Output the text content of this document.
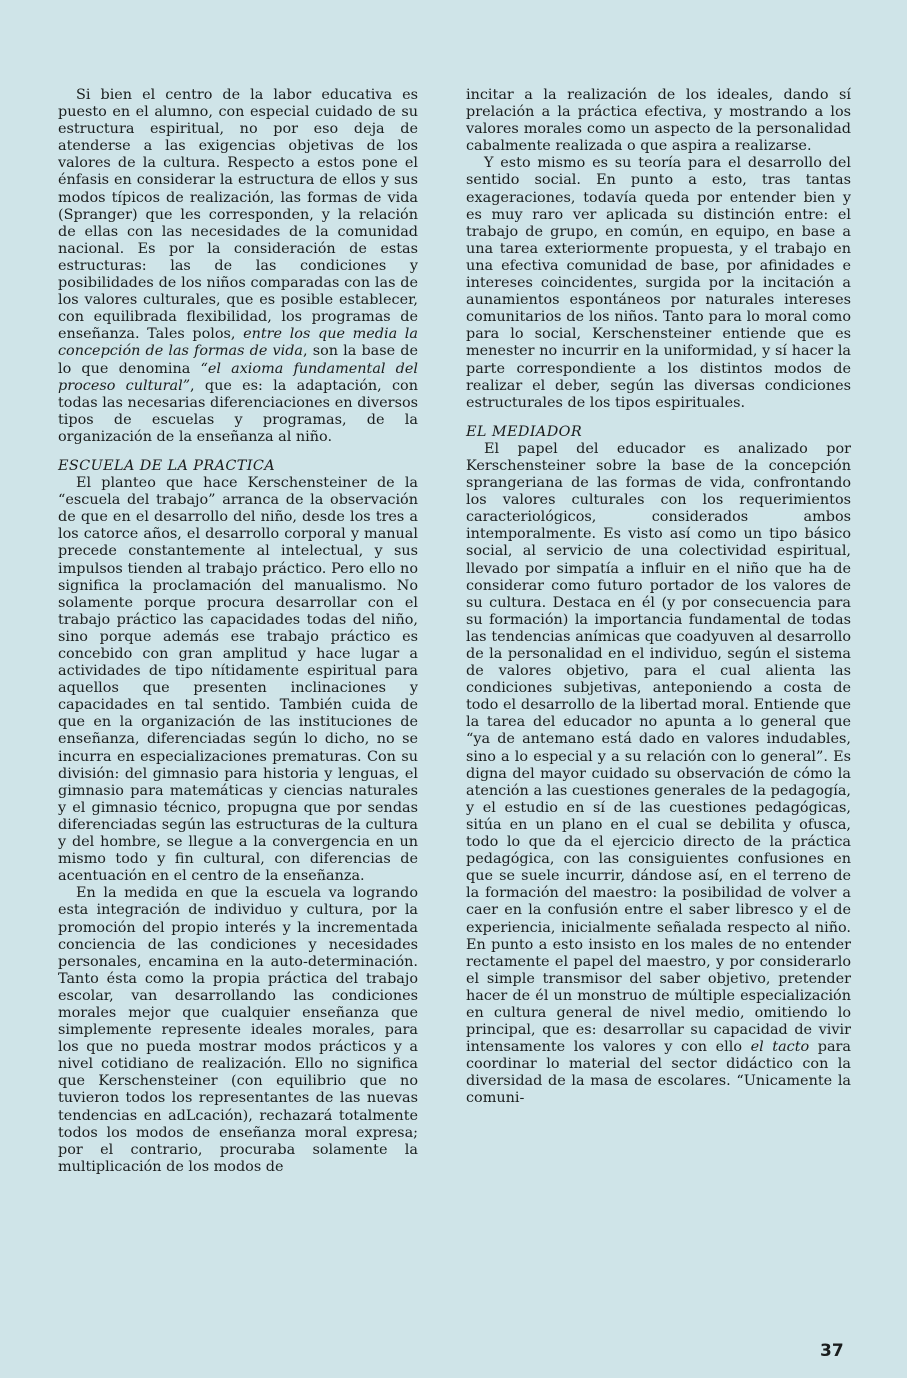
Si bien el centro de la labor educativa es puesto en el alumno, con especial cuidado de su estructura espiritual, no por eso deja de atenderse a las exigencias objetivas de los valores de la cultura. Respecto a estos pone el énfasis en considerar la estructura de ellos y sus modos típicos de realización, las formas de vida (Spranger) que les corresponden, y la relación de ellas con las necesidades de la comunidad nacional. Es por la consideración de estas estructuras: las de las condiciones y posibilidades de los niños comparadas con las de los valores culturales, que es posible establecer, con equilibrada flexibilidad, los programas de enseñanza. Tales polos, entre los que media la concepción de las formas de vida, son la base de lo que denomina “el axioma fundamental del proceso cultural”, que es: la adaptación, con todas las necesarias diferenciaciones en diversos tipos de escuelas y programas, de la organización de la enseñanza al niño.

ESCUELA DE LA PRACTICA

El planteo que hace Kerschensteiner de la “escuela del trabajo” arranca de la observación de que en el desarrollo del niño, desde los tres a los catorce años, el desarrollo corporal y manual precede constantemente al intelectual, y sus impulsos tienden al trabajo práctico. Pero ello no significa la proclamación del manualismo. No solamente porque procura desarrollar con el trabajo práctico las capacidades todas del niño, sino porque además ese trabajo práctico es concebido con gran amplitud y hace lugar a actividades de tipo nítidamente espiritual para aquellos que presenten inclinaciones y capacidades en tal sentido. También cuida de que en la organización de las instituciones de enseñanza, diferenciadas según lo dicho, no se incurra en especializaciones prematuras. Con su división: del gimnasio para historia y lenguas, el gimnasio para matemáticas y ciencias naturales y el gimnasio técnico, propugna que por sendas diferenciadas según las estructuras de la cultura y del hombre, se llegue a la convergencia en un mismo todo y fin cultural, con diferencias de acentuación en el centro de la enseñanza.

En la medida en que la escuela va logrando esta integración de individuo y cultura, por la promoción del propio interés y la incrementada conciencia de las condiciones y necesidades personales, encamina en la auto-determinación. Tanto ésta como la propia práctica del trabajo escolar, van desarrollando las condiciones morales mejor que cualquier enseñanza que simplemente represente ideales morales, para los que no pueda mostrar modos prácticos y a nivel cotidiano de realización. Ello no significa que Kerschensteiner (con equilibrio que no tuvieron todos los representantes de las nuevas tendencias en adLcación), rechazará totalmente todos los modos de enseñanza moral expresa; por el contrario, procuraba solamente la multiplicación de los modos de

incitar a la realización de los ideales, dando sí prelación a la práctica efectiva, y mostrando a los valores morales como un aspecto de la personalidad cabalmente realizada o que aspira a realizarse.

Y esto mismo es su teoría para el desarrollo del sentido social. En punto a esto, tras tantas exageraciones, todavía queda por entender bien y es muy raro ver aplicada su distinción entre: el trabajo de grupo, en común, en equipo, en base a una tarea exteriormente propuesta, y el trabajo en una efectiva comunidad de base, por afinidades e intereses coincidentes, surgida por la incitación a aunamientos espontáneos por naturales intereses comunitarios de los niños. Tanto para lo moral como para lo social, Kerschensteiner entiende que es menester no incurrir en la uniformidad, y sí hacer la parte correspondiente a los distintos modos de realizar el deber, según las diversas condiciones estructurales de los tipos espirituales.

EL MEDIADOR

El papel del educador es analizado por Kerschensteiner sobre la base de la concepción sprangeriana de las formas de vida, confrontando los valores culturales con los requerimientos caracteriológicos, considerados ambos intemporalmente. Es visto así como un tipo básico social, al servicio de una colectividad espiritual, llevado por simpatía a influir en el niño que ha de considerar como futuro portador de los valores de su cultura. Destaca en él (y por consecuencia para su formación) la importancia fundamental de todas las tendencias anímicas que coadyuven al desarrollo de la personalidad en el individuo, según el sistema de valores objetivo, para el cual alienta las condiciones subjetivas, anteponiendo a costa de todo el desarrollo de la libertad moral. Entiende que la tarea del educador no apunta a lo general que “ya de antemano está dado en valores indudables, sino a lo especial y a su relación con lo general”. Es digna del mayor cuidado su observación de cómo la atención a las cuestiones generales de la pedagogía, y el estudio en sí de las cuestiones pedagógicas, sitúa en un plano en el cual se debilita y ofusca, todo lo que da el ejercicio directo de la práctica pedagógica, con las consiguientes confusiones en que se suele incurrir, dándose así, en el terreno de la formación del maestro: la posibilidad de volver a caer en la confusión entre el saber libresco y el de experiencia, inicialmente señalada respecto al niño. En punto a esto insisto en los males de no entender rectamente el papel del maestro, y por considerarlo el simple transmisor del saber objetivo, pretender hacer de él un monstruo de múltiple especialización en cultura general de nivel medio, omitiendo lo principal, que es: desarrollar su capacidad de vivir intensamente los valores y con ello el tacto para coordinar lo material del sector didáctico con la diversidad de la masa de escolares. “Unicamente la comuni-

37
